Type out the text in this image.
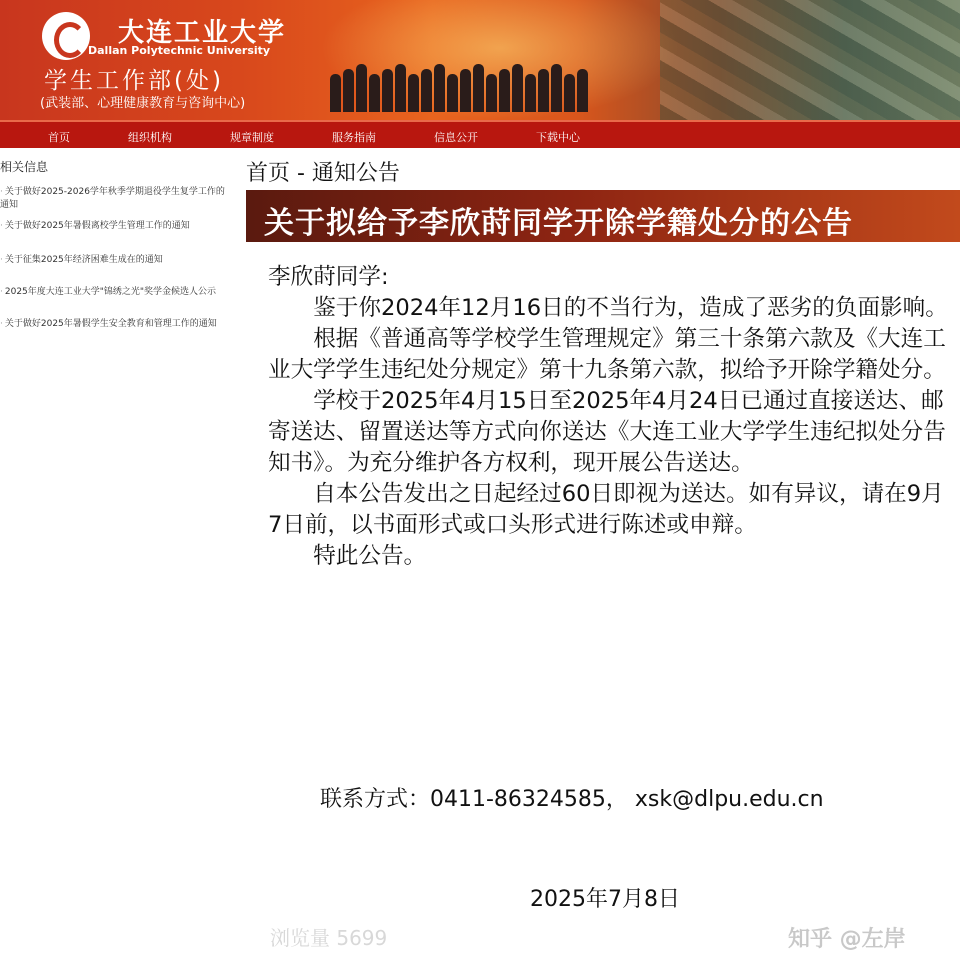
大连工业大学
Dallan Polytechnic University
学生工作部(处)
(武装部、心理健康教育与咨询中心)
首页	组织机构	规章制度	服务指南	信息公开	下载中心
相关信息
· 关于做好2025-2026学年秋季学期退役学生复学工作的通知
· 关于做好2025年暑假离校学生管理工作的通知
· 关于征集2025年经济困难生成在的通知
· 2025年度大连工业大学"锦绣之光"奖学金候选人公示
· 关于做好2025年暑假学生安全教育和管理工作的通知
首页 - 通知公告
关于拟给予李欣莳同学开除学籍处分的公告

李欣莳同学:

鉴于你2024年12月16日的不当行为，造成了恶劣的负面影响。

根据《普通高等学校学生管理规定》第三十条第六款及《大连工业大学学生违纪处分规定》第十九条第六款，拟给予开除学籍处分。

学校于2025年4月15日至2025年4月24日已通过直接送达、邮寄送达、留置送达等方式向你送达《大连工业大学学生违纪拟处分告知书》。为充分维护各方权利，现开展公告送达。

自本公告发出之日起经过60日即视为送达。如有异议，请在9月7日前，以书面形式或口头形式进行陈述或申辩。

特此公告。

联系方式：0411-86324585， xsk@dlpu.edu.cn
2025年7月8日
浏览量 5699	知乎 @左岸
